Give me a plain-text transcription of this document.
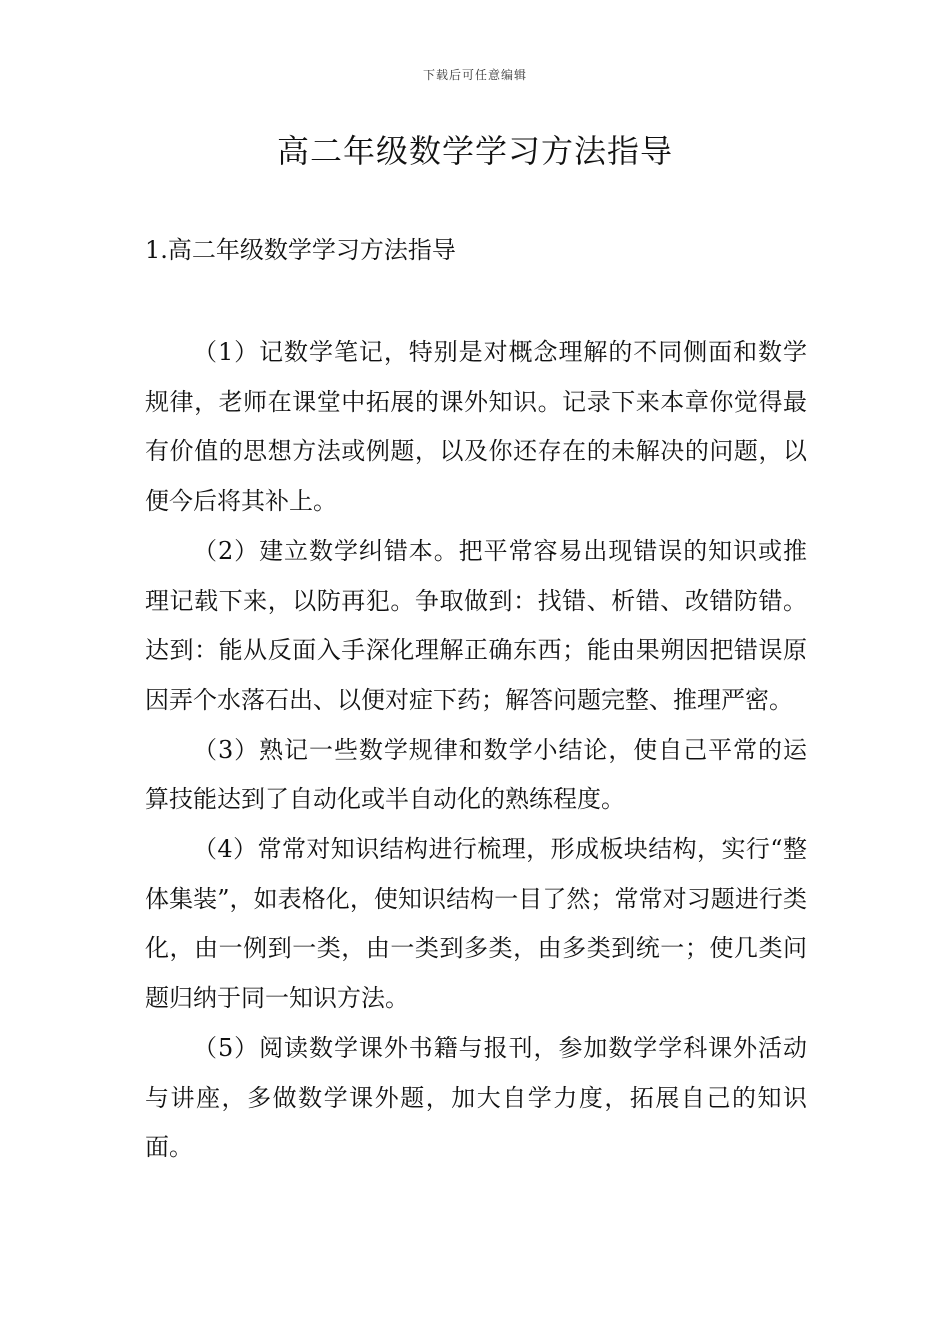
下载后可任意编辑
高二年级数学学习方法指导
1.高二年级数学学习方法指导

（1）记数学笔记，特别是对概念理解的不同侧面和数学规律，老师在课堂中拓展的课外知识。记录下来本章你觉得最有价值的思想方法或例题，以及你还存在的未解决的问题，以便今后将其补上。

（2）建立数学纠错本。把平常容易出现错误的知识或推理记载下来，以防再犯。争取做到：找错、析错、改错防错。达到：能从反面入手深化理解正确东西；能由果朔因把错误原因弄个水落石出、以便对症下药；解答问题完整、推理严密。

（3）熟记一些数学规律和数学小结论，使自己平常的运算技能达到了自动化或半自动化的熟练程度。

（4）常常对知识结构进行梳理，形成板块结构，实行“整体集装”，如表格化，使知识结构一目了然；常常对习题进行类化，由一例到一类，由一类到多类，由多类到统一；使几类问题归纳于同一知识方法。

（5）阅读数学课外书籍与报刊，参加数学学科课外活动与讲座，多做数学课外题，加大自学力度，拓展自己的知识面。
